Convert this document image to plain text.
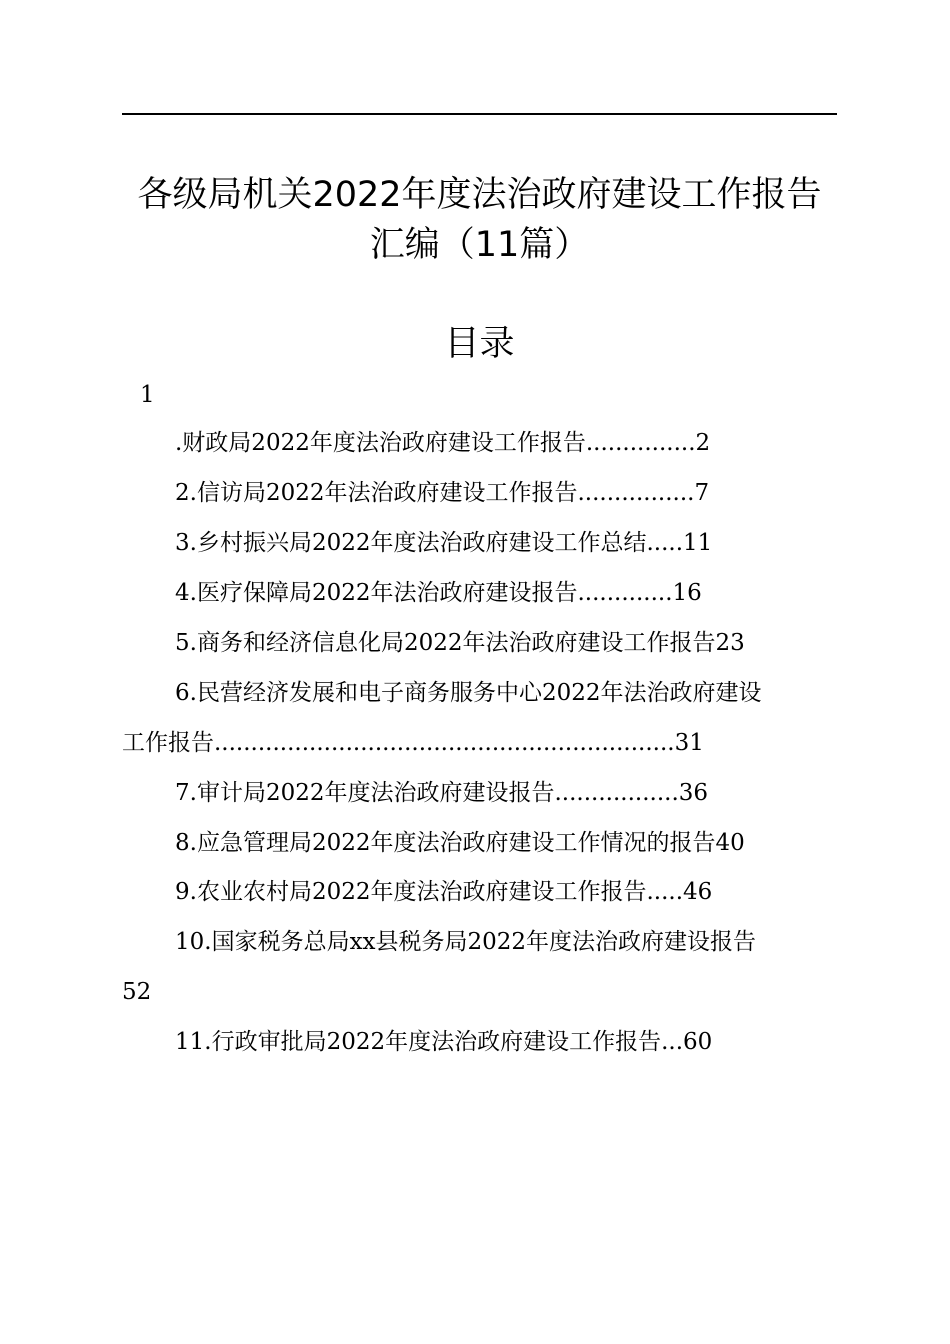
各级局机关2022年度法治政府建设工作报告
汇编（11篇）
目录
1
.财政局2022年度法治政府建设工作报告...............2
2.信访局2022年法治政府建设工作报告................7
3.乡村振兴局2022年度法治政府建设工作总结.....11
4.医疗保障局2022年法治政府建设报告.............16
5.商务和经济信息化局2022年法治政府建设工作报告23
6.民营经济发展和电子商务服务中心2022年法治政府建设
工作报告...............................................................31
7.审计局2022年度法治政府建设报告.................36
8.应急管理局2022年度法治政府建设工作情况的报告40
9.农业农村局2022年度法治政府建设工作报告.....46
10.国家税务总局xx县税务局2022年度法治政府建设报告
52
11.行政审批局2022年度法治政府建设工作报告...60
